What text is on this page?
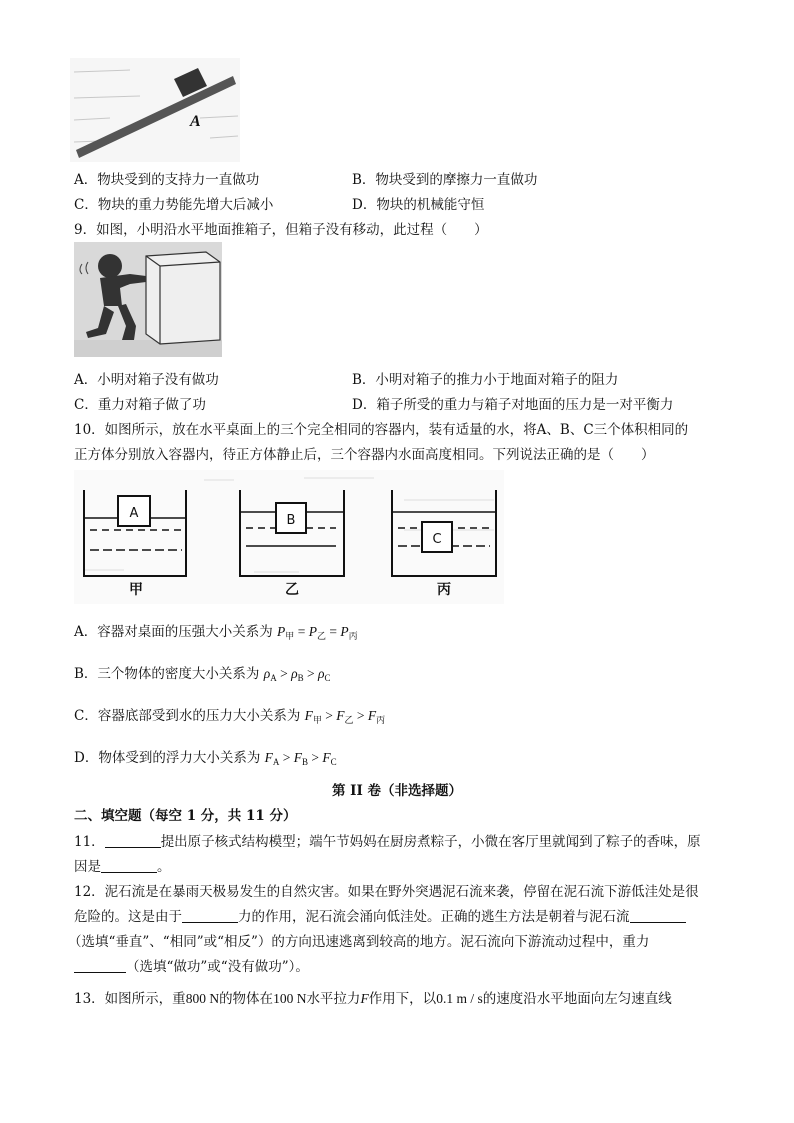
A
A．物块受到的支持力一直做功	B．物块受到的摩擦力一直做功
C．物块的重力势能先增大后减小	D．物块的机械能守恒
9．如图，小明沿水平地面推箱子，但箱子没有移动，此过程（　　）
A．小明对箱子没有做功	B．小明对箱子的推力小于地面对箱子的阻力
C．重力对箱子做了功	D．箱子所受的重力与箱子对地面的压力是一对平衡力
10．如图所示，放在水平桌面上的三个完全相同的容器内，装有适量的水，将A、B、C三个体积相同的
正方体分别放入容器内，待正方体静止后，三个容器内水面高度相同。下列说法正确的是（　　）
A	B
C
甲	乙	丙
A．容器对桌面的压强大小关系为 $P_甲 = P_乙 = P_丙$
B．三个物体的密度大小关系为 $\rho_A > \rho_B > \rho_C$
C．容器底部受到水的压力大小关系为 $F_甲 > F_乙 > F_丙$
D．物体受到的浮力大小关系为 $F_A > F_B > F_C$
第 II 卷（非选择题）
二、填空题（每空 1 分，共 11 分）
11．	提出原子核式结构模型；端午节妈妈在厨房煮粽子，小微在客厅里就闻到了粽子的香味，原
因是	。
12．泥石流是在暴雨天极易发生的自然灾害。如果在野外突遇泥石流来袭，停留在泥石流下游低洼处是很
危险的。这是由于	力的作用，泥石流会涌向低洼处。正确的逃生方法是朝着与泥石流
（选填“垂直”、“相同”或“相反”）的方向迅速逃离到较高的地方。泥石流向下游流动过程中，重力
（选填“做功”或“没有做功”）。
13．如图所示，重800 N的物体在100 N水平拉力F作用下，以0.1 m / s的速度沿水平地面向左匀速直线
